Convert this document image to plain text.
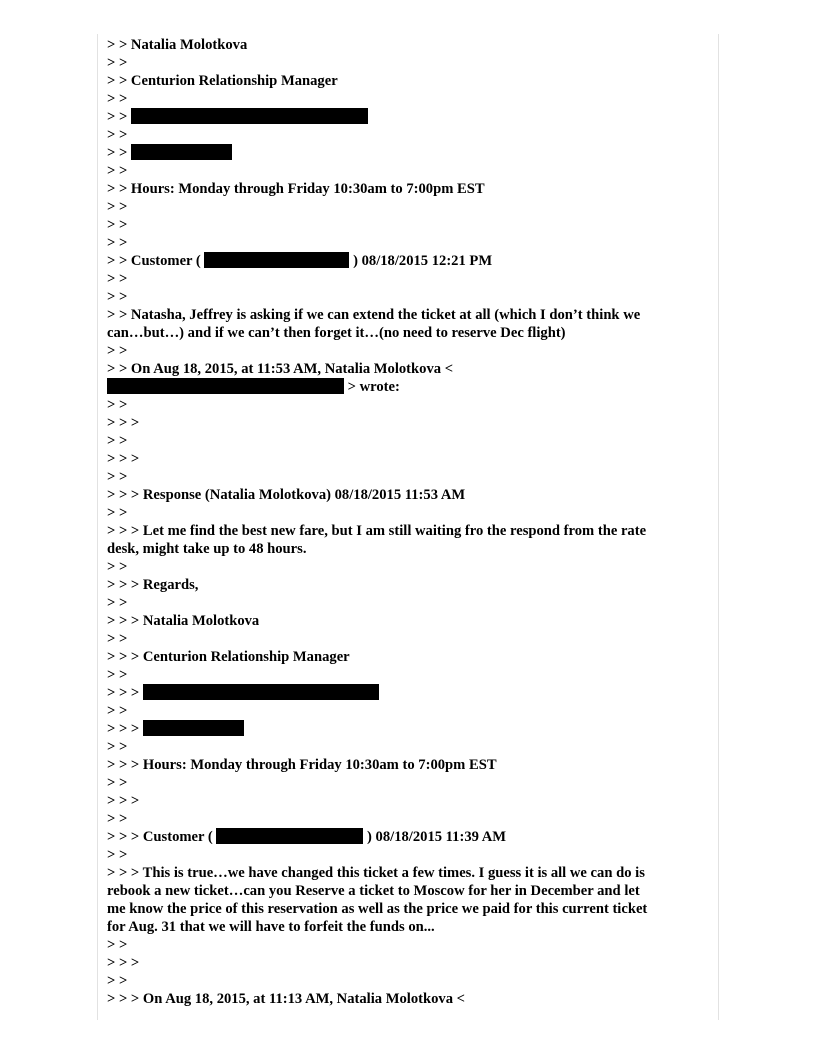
> > Natalia Molotkova
> >
> > Centurion Relationship Manager
> >
> >
> >
> >
> >
> > Hours: Monday through Friday 10:30am to 7:00pm EST
> >
> >
> >
> > Customer (	) 08/18/2015 12:21 PM
> >
> >
> > Natasha, Jeffrey is asking if we can extend the ticket at all (which I don’t think we
can…but…) and if we can’t then forget it…(no need to reserve Dec flight)
> >
> > On Aug 18, 2015, at 11:53 AM, Natalia Molotkova <
> wrote:
> >
> > >
> >
> > >
> >
> > > Response (Natalia Molotkova) 08/18/2015 11:53 AM
> >
> > > Let me find the best new fare, but I am still waiting fro the respond from the rate
desk, might take up to 48 hours.
> >
> > > Regards,
> >
> > > Natalia Molotkova
> >
> > > Centurion Relationship Manager
> >
> > >
> >
> > >
> >
> > > Hours: Monday through Friday 10:30am to 7:00pm EST
> >
> > >
> >
> > > Customer (	) 08/18/2015 11:39 AM
> >
> > > This is true…we have changed this ticket a few times. I guess it is all we can do is
rebook a new ticket…can you Reserve a ticket to Moscow for her in December and let
me know the price of this reservation as well as the price we paid for this current ticket
for Aug. 31 that we will have to forfeit the funds on...
> >
> > >
> >
> > > On Aug 18, 2015, at 11:13 AM, Natalia Molotkova <
